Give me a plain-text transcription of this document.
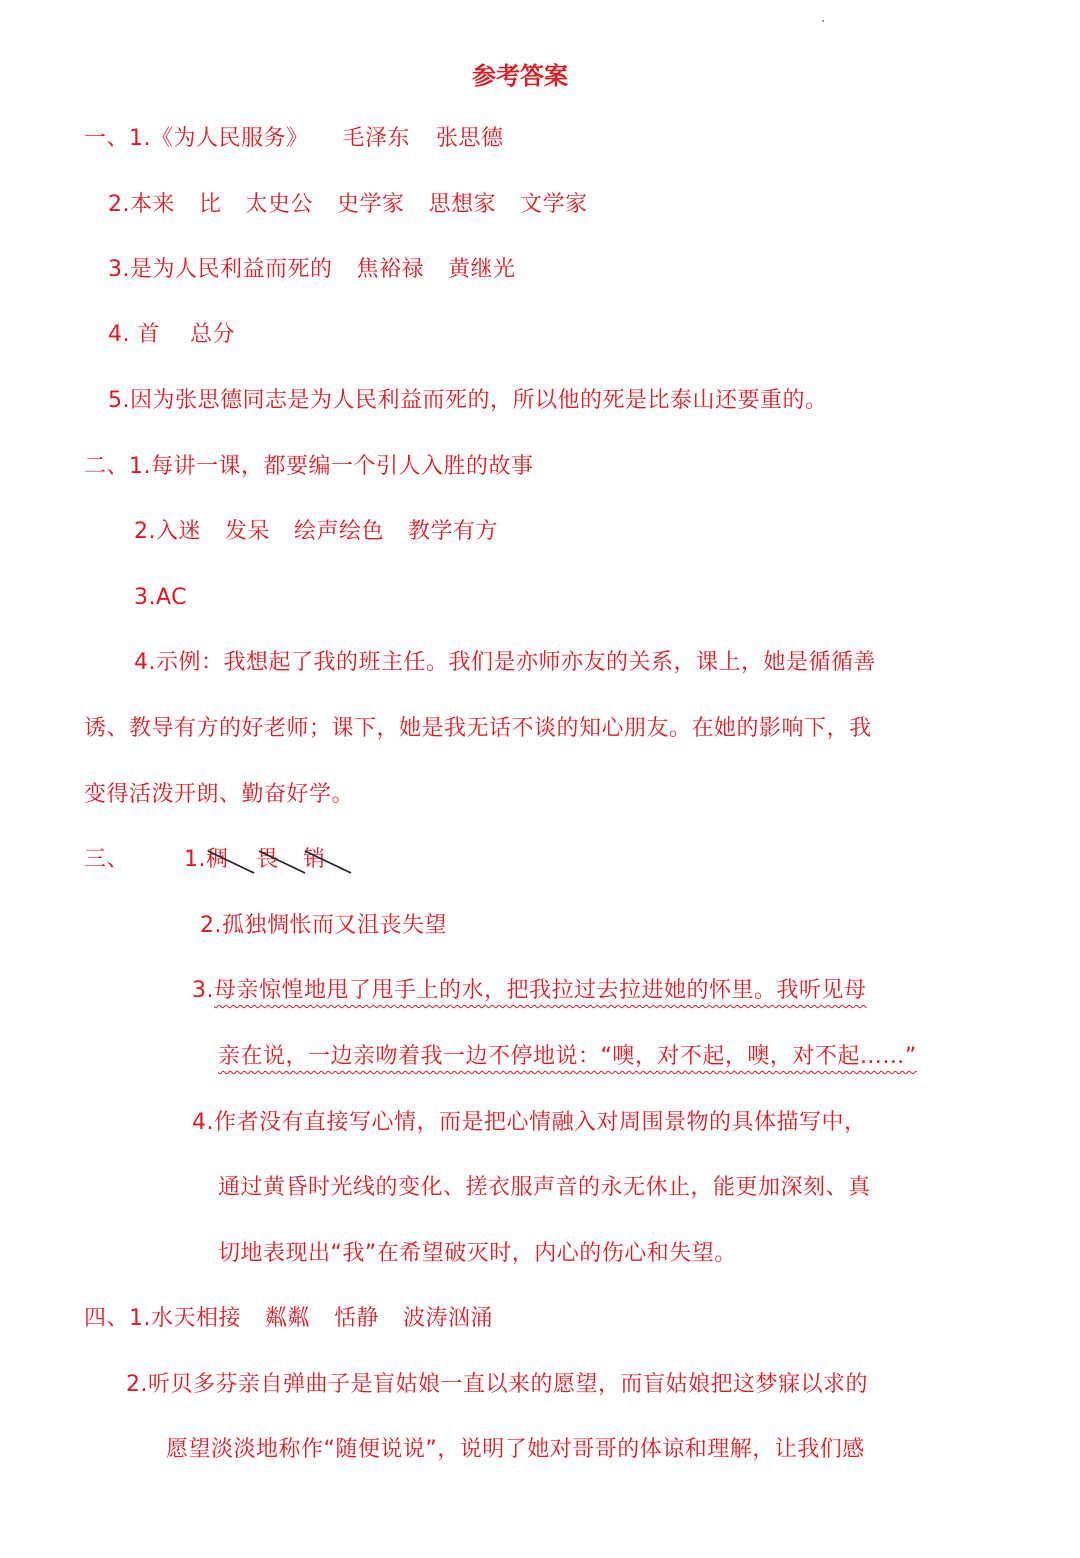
参考答案
一、1.《为人民服务》 毛泽东 张思德
2.本来 比 太史公 史学家 思想家 文学家
3.是为人民利益而死的 焦裕禄 黄继光
4. 首 总分
5.因为张思德同志是为人民利益而死的，所以他的死是比泰山还要重的。
二、1.每讲一课，都要编一个引人入胜的故事
2.入迷 发呆 绘声绘色 教学有方
3.AC
4.示例：我想起了我的班主任。我们是亦师亦友的关系，课上，她是循循善
诱、教导有方的好老师；课下，她是我无话不谈的知心朋友。在她的影响下，我
变得活泼开朗、勤奋好学。
三、 1.稠 畏 销
2.孤独惆怅而又沮丧失望
3.母亲惊惶地甩了甩手上的水，把我拉过去拉进她的怀里。我听见母
亲在说，一边亲吻着我一边不停地说：“噢，对不起，噢，对不起……”
4.作者没有直接写心情，而是把心情融入对周围景物的具体描写中，
通过黄昏时光线的变化、搓衣服声音的永无休止，能更加深刻、真
切地表现出“我”在希望破灭时，内心的伤心和失望。
四、1.水天相接 粼粼 恬静 波涛汹涌
2.听贝多芬亲自弹曲子是盲姑娘一直以来的愿望，而盲姑娘把这梦寐以求的
愿望淡淡地称作“随便说说”，说明了她对哥哥的体谅和理解，让我们感
